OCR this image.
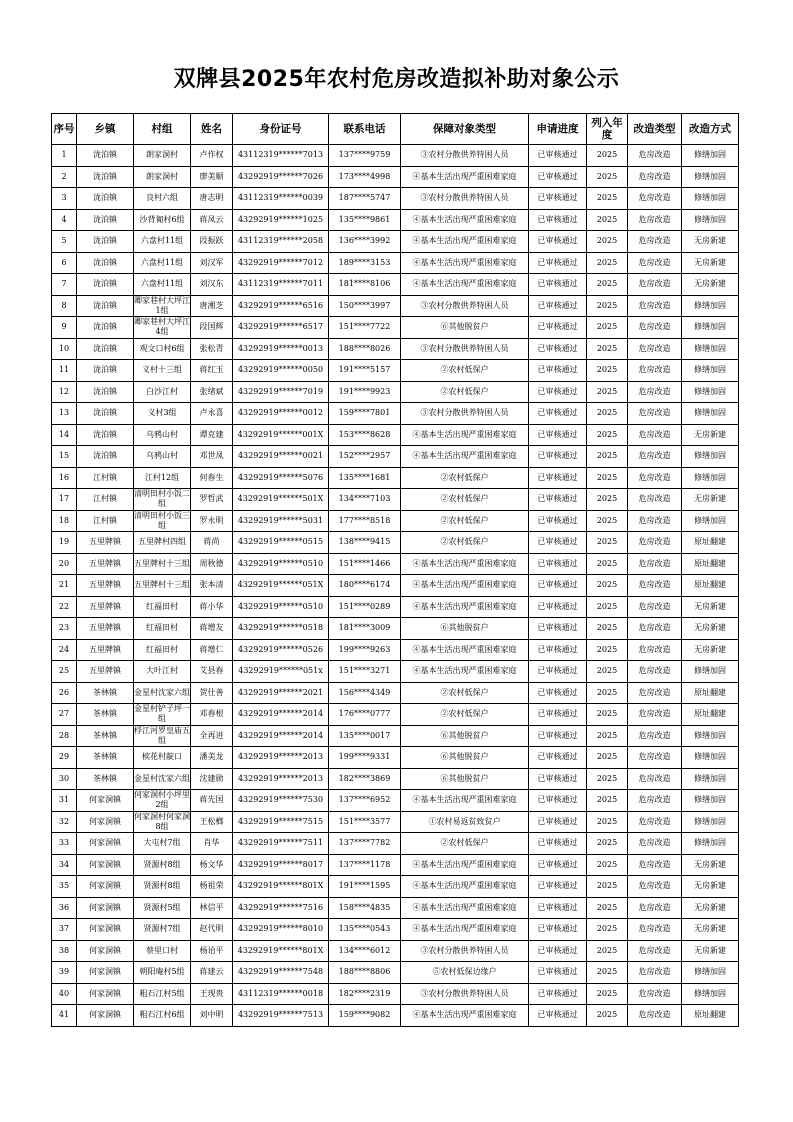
双牌县2025年农村危房改造拟补助对象公示
序号	乡镇	村组	姓名	身份证号	联系电话	保障对象类型	申请进度	列入年度	改造类型	改造方式
1	泷泊镇	朗家洞村	卢作权	43112319******7013	137****9759	③农村分散供养特困人员	已审核通过	2025	危房改造	修缮加固
2	泷泊镇	朗家洞村	廖美顺	43292919******7026	173****4998	④基本生活出现严重困难家庭	已审核通过	2025	危房改造	修缮加固
3	泷泊镇	良村六组	唐志明	43112319******0039	187****5747	③农村分散供养特困人员	已审核通过	2025	危房改造	修缮加固
4	泷泊镇	沙背匍村6组	蒋凤云	43292919******1025	135****9861	④基本生活出现严重困难家庭	已审核通过	2025	危房改造	修缮加固
5	泷泊镇	六盘村11组	段振跃	43112319******2058	136****3992	④基本生活出现严重困难家庭	已审核通过	2025	危房改造	无房新建
6	泷泊镇	六盘村11组	刘汉军	43292919******7012	189****3153	④基本生活出现严重困难家庭	已审核通过	2025	危房改造	无房新建
7	泷泊镇	六盘村11组	刘汉东	43112319******7011	181****8106	④基本生活出现严重困难家庭	已审核通过	2025	危房改造	无房新建
8	泷泊镇	卿家巷村大坪江1组	唐湘芝	43292919******6516	150****3997	③农村分散供养特困人员	已审核通过	2025	危房改造	修缮加固
9	泷泊镇	卿家巷村大坪江4组	段国辉	43292919******6517	151****7722	⑥其他脱贫户	已审核通过	2025	危房改造	修缮加固
10	泷泊镇	观文口村6组	张松青	43292919******0013	188****8026	③农村分散供养特困人员	已审核通过	2025	危房改造	修缮加固
11	泷泊镇	义村十三组	蒋红玉	43292919******0050	191****5157	②农村低保户	已审核通过	2025	危房改造	修缮加固
12	泷泊镇	白沙江村	张绪斌	43292919******7019	191****9923	②农村低保户	已审核通过	2025	危房改造	修缮加固
13	泷泊镇	义村3组	卢永喜	43292919******0012	159****7801	③农村分散供养特困人员	已审核通过	2025	危房改造	修缮加固
14	泷泊镇	乌鸦山村	谭克建	43292919******001X	153****8628	④基本生活出现严重困难家庭	已审核通过	2025	危房改造	无房新建
15	泷泊镇	乌鸦山村	邓世凤	43292919******0021	152****2957	④基本生活出现严重困难家庭	已审核通过	2025	危房改造	修缮加固
16	江村镇	江村12组	何春生	43292919******5076	135****1681	②农村低保户	已审核通过	2025	危房改造	修缮加固
17	江村镇	清明田村小饭二组	罗哲武	43292919******501X	134****7103	②农村低保户	已审核通过	2025	危房改造	无房新建
18	江村镇	清明田村小饭三组	罗永明	43292919******5031	177****8518	②农村低保户	已审核通过	2025	危房改造	修缮加固
19	五里牌镇	五里牌村四组	蒋尚	43292919******0515	138****9415	②农村低保户	已审核通过	2025	危房改造	原址翻建
20	五里牌镇	五里牌村十三组	周秋德	43292919******0510	151****1466	④基本生活出现严重困难家庭	已审核通过	2025	危房改造	原址翻建
21	五里牌镇	五里牌村十三组	张本清	43292919******051X	180****6174	④基本生活出现严重困难家庭	已审核通过	2025	危房改造	原址翻建
22	五里牌镇	红福田村	蒋小华	43292919******0510	151****0289	④基本生活出现严重困难家庭	已审核通过	2025	危房改造	无房新建
23	五里牌镇	红福田村	蒋增友	43292919******0518	181****3009	⑥其他脱贫户	已审核通过	2025	危房改造	无房新建
24	五里牌镇	红福田村	蒋增仁	43292919******0526	199****9263	④基本生活出现严重困难家庭	已审核通过	2025	危房改造	无房新建
25	五里牌镇	大叶江村	艾县春	43292919******051x	151****3271	④基本生活出现严重困难家庭	已审核通过	2025	危房改造	修缮加固
26	茶林镇	金星村沈家六组	贺仕善	43292919******2021	156****4349	②农村低保户	已审核通过	2025	危房改造	原址翻建
27	茶林镇	金星村铲子坪一组	邓春根	43292919******2014	176****0777	②农村低保户	已审核通过	2025	危房改造	原址翻建
28	茶林镇	桴江河罗皇庙五组	全再进	43292919******2014	135****0017	⑥其他脱贫户	已审核通过	2025	危房改造	修缮加固
29	茶林镇	槟花村靛口	潘美龙	43292919******2013	199****9331	⑥其他脱贫户	已审核通过	2025	危房改造	修缮加固
30	茶林镇	金星村沈家六组	沈建勋	43292919******2013	182****3869	⑥其他脱贫户	已审核通过	2025	危房改造	修缮加固
31	何家洞镇	何家洞村小坪里2组	蒋先国	43292919******7530	137****6952	④基本生活出现严重困难家庭	已审核通过	2025	危房改造	修缮加固
32	何家洞镇	何家洞村何家洞8组	王松榔	43292919******7515	151****3577	①农村易返贫致贫户	已审核通过	2025	危房改造	修缮加固
33	何家洞镇	大屯村7组	肖华	43292919******7511	137****7782	②农村低保户	已审核通过	2025	危房改造	修缮加固
34	何家洞镇	贤源村8组	杨文华	43292919******8017	137****1178	④基本生活出现严重困难家庭	已审核通过	2025	危房改造	无房新建
35	何家洞镇	贤源村8组	杨祖荣	43292919******801X	191****1595	④基本生活出现严重困难家庭	已审核通过	2025	危房改造	无房新建
36	何家洞镇	贤源村5组	林信平	43292919******7516	158****4835	④基本生活出现严重困难家庭	已审核通过	2025	危房改造	无房新建
37	何家洞镇	贤源村7组	赵代明	43292919******8010	135****0543	④基本生活出现严重困难家庭	已审核通过	2025	危房改造	无房新建
38	何家洞镇	蔡里口村	杨诒平	43292919******801X	134****6012	③农村分散供养特困人员	已审核通过	2025	危房改造	无房新建
39	何家洞镇	朝阳庵村5组	蒋建云	43292919******7548	188****8806	⑤农村低保边缘户	已审核通过	2025	危房改造	修缮加固
40	何家洞镇	粗石江村5组	王现贵	43112319******0018	182****2319	③农村分散供养特困人员	已审核通过	2025	危房改造	修缮加固
41	何家洞镇	粗石江村6组	刘中明	43292919******7513	159****9082	④基本生活出现严重困难家庭	已审核通过	2025	危房改造	原址翻建
